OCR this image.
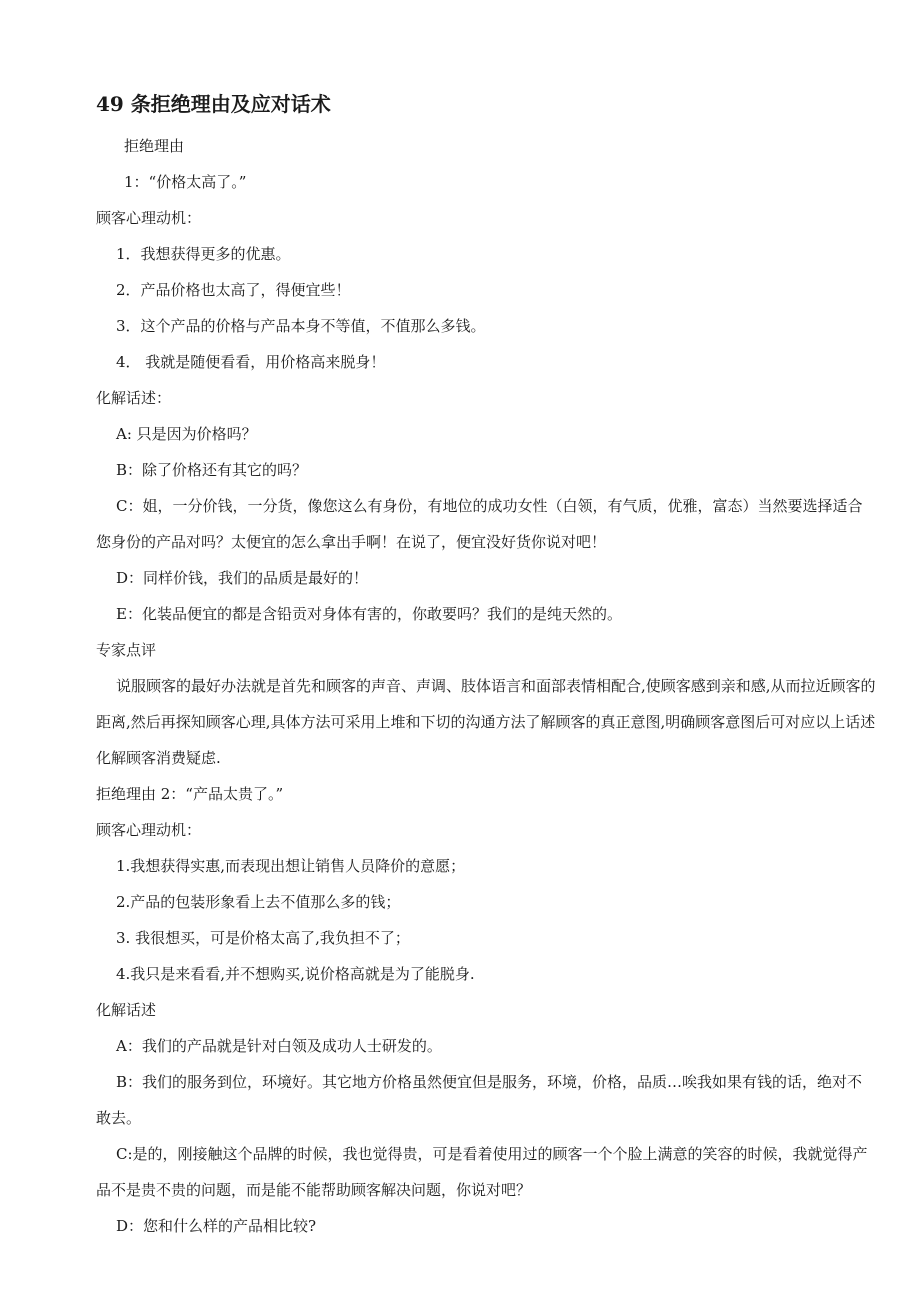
49 条拒绝理由及应对话术
拒绝理由
1：“价格太高了。”
顾客心理动机：
1．我想获得更多的优惠。
2．产品价格也太高了，得便宜些！
3．这个产品的价格与产品本身不等值，不值那么多钱。
4． 我就是随便看看，用价格高来脱身！
化解话述：
A: 只是因为价格吗？
B：除了价格还有其它的吗？
C：姐，一分价钱，一分货，像您这么有身份，有地位的成功女性（白领，有气质，优雅，富态）当然要选择适合您身份的产品对吗？太便宜的怎么拿出手啊！在说了，便宜没好货你说对吧！
D：同样价钱，我们的品质是最好的！
E：化装品便宜的都是含铅贡对身体有害的，你敢要吗？我们的是纯天然的。
专家点评
说服顾客的最好办法就是首先和顾客的声音、声调、肢体语言和面部表情相配合,使顾客感到亲和感,从而拉近顾客的距离,然后再探知顾客心理,具体方法可采用上堆和下切的沟通方法了解顾客的真正意图,明确顾客意图后可对应以上话述化解顾客消费疑虑.
拒绝理由 2：“产品太贵了。”
顾客心理动机：
1.我想获得实惠,而表现出想让销售人员降价的意愿；
2.产品的包装形象看上去不值那么多的钱；
3. 我很想买，可是价格太高了,我负担不了；
4.我只是来看看,并不想购买,说价格高就是为了能脱身.
化解话述
A：我们的产品就是针对白领及成功人士研发的。
B：我们的服务到位，环境好。其它地方价格虽然便宜但是服务，环境，价格，品质…唉我如果有钱的话，绝对不敢去。
C:是的，刚接触这个品牌的时候，我也觉得贵，可是看着使用过的顾客一个个脸上满意的笑容的时候，我就觉得产品不是贵不贵的问题，而是能不能帮助顾客解决问题，你说对吧？
D：您和什么样的产品相比较?
